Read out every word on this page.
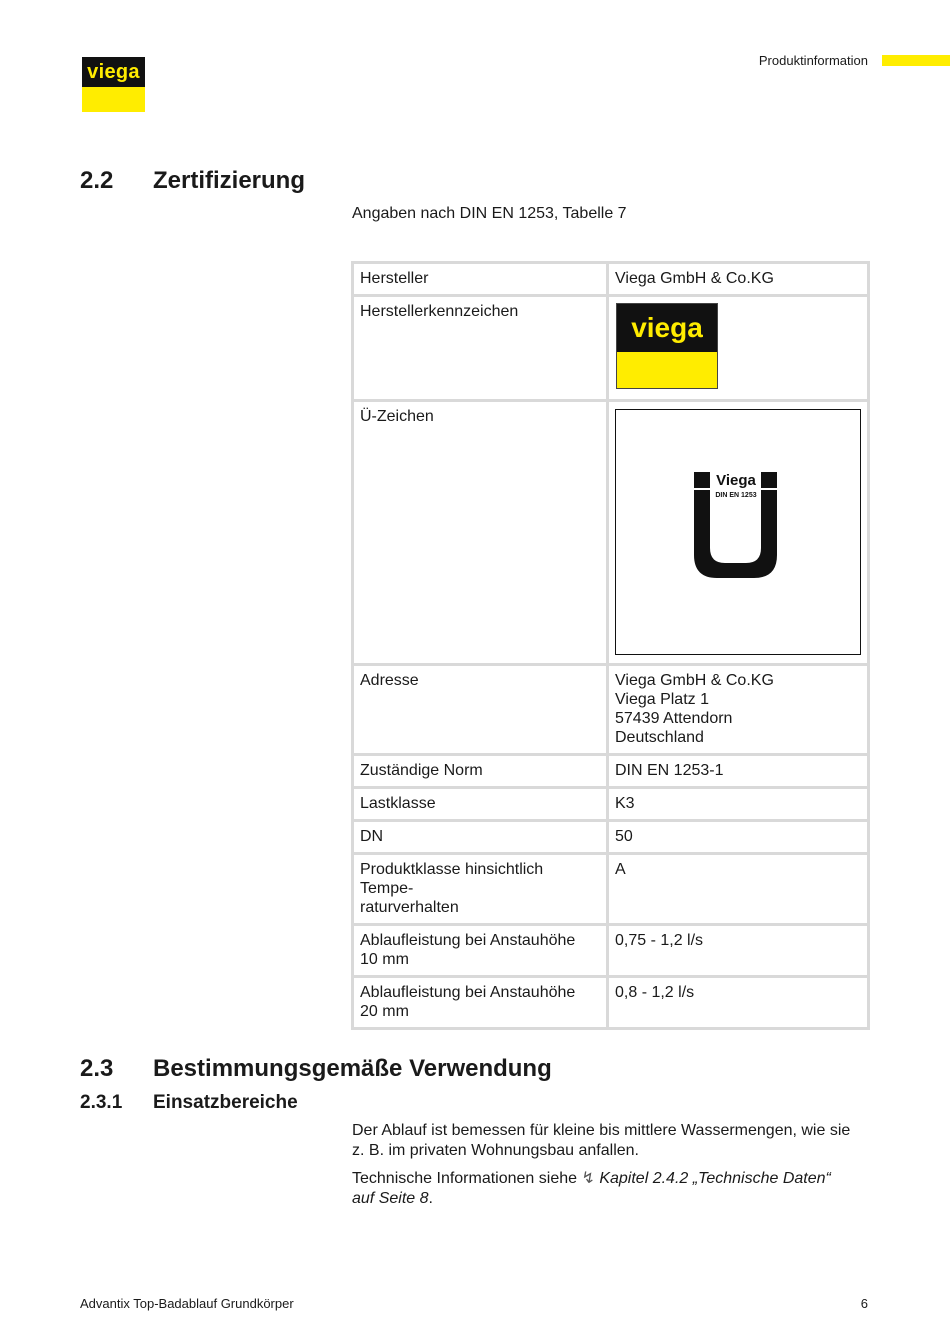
viega
Produktinformation
2.2 Zertifizierung
Angaben nach DIN EN 1253, Tabelle 7
Hersteller	Viega GmbH & Co.KG
Herstellerkennzeichen	viega

Ü-Zeichen	Viega
DIN EN 1253

Adresse	Viega GmbH & Co.KG
Viega Platz 1
57439 Attendorn
Deutschland

Zuständige Norm	DIN EN 1253-1
Lastklasse	K3
DN	50

Produktklasse hinsichtlich Tempe-
raturverhalten	A

Ablaufleistung bei Anstauhöhe
10 mm	0,75 - 1,2 l/s

Ablaufleistung bei Anstauhöhe
20 mm	0,8 - 1,2 l/s
2.3 Bestimmungsgemäße Verwendung
2.3.1 Einsatzbereiche
Der Ablauf ist bemessen für kleine bis mittlere Wassermengen, wie sie
z. B. im privaten Wohnungsbau anfallen.
Technische Informationen siehe ↯ Kapitel 2.4.2 „Technische Daten“
auf Seite 8.
Advantix Top-Badablauf Grundkörper	6
